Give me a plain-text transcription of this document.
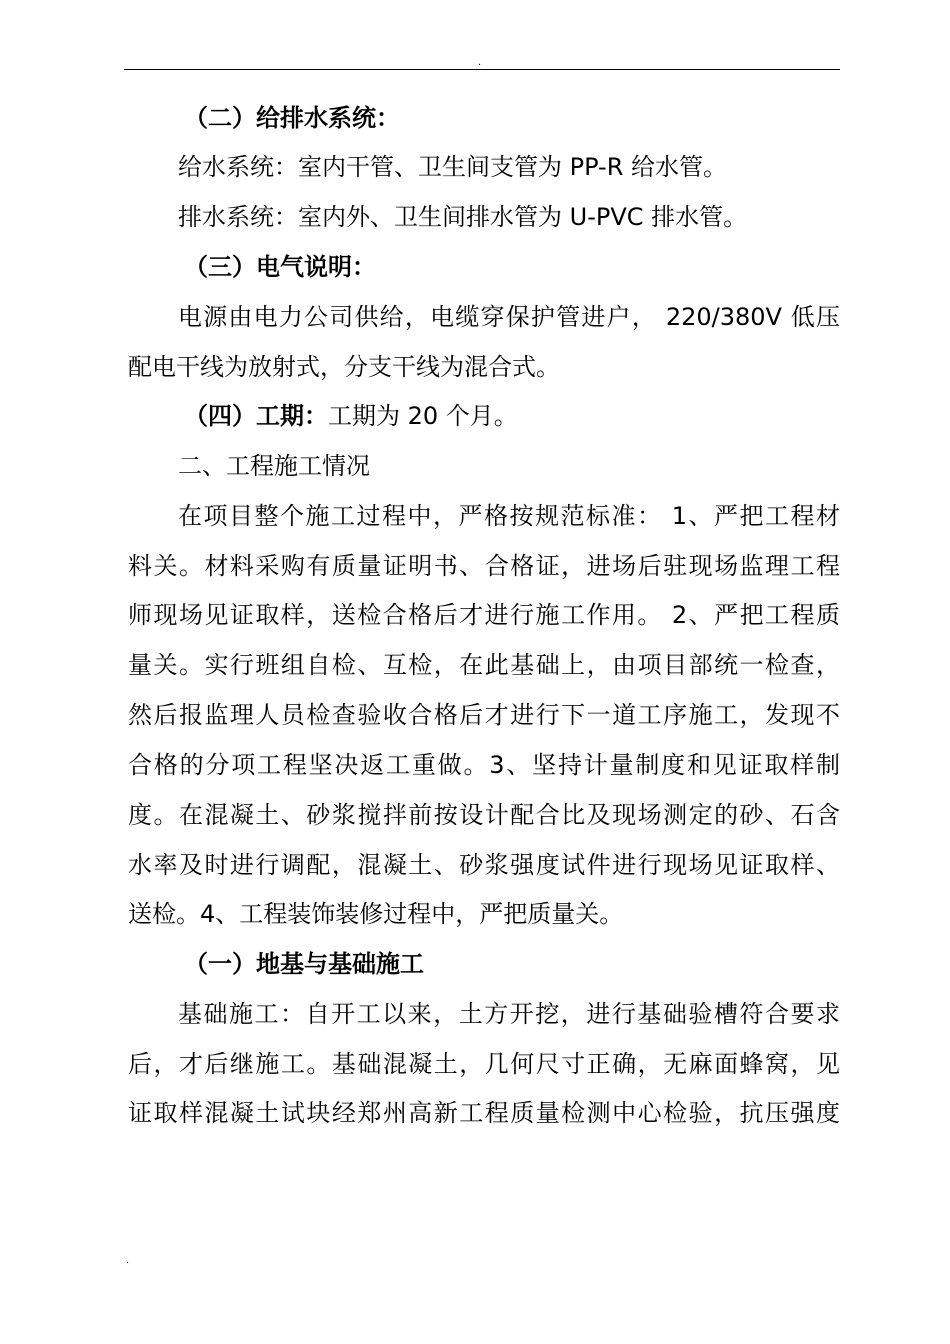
.
（二）给排水系统：
给水系统：室内干管、卫生间支管为 PP-R 给水管。
排水系统：室内外、卫生间排水管为 U-PVC 排水管。
（三）电气说明：
电源由电力公司供给，电缆穿保护管进户， 220/380V 低压
配电干线为放射式，分支干线为混合式。
（四）工期：工期为 20 个月。
二、工程施工情况
在项目整个施工过程中，严格按规范标准： 1、严把工程材
料关。材料采购有质量证明书、合格证，进场后驻现场监理工程
师现场见证取样，送检合格后才进行施工作用。 2、严把工程质
量关。实行班组自检、互检，在此基础上，由项目部统一检查，
然后报监理人员检查验收合格后才进行下一道工序施工，发现不
合格的分项工程坚决返工重做。3、坚持计量制度和见证取样制
度。在混凝土、砂浆搅拌前按设计配合比及现场测定的砂、石含
水率及时进行调配，混凝土、砂浆强度试件进行现场见证取样、
送检。4、工程装饰装修过程中，严把质量关。
（一）地基与基础施工
基础施工：自开工以来，土方开挖，进行基础验槽符合要求
后，才后继施工。基础混凝土，几何尺寸正确，无麻面蜂窝，见
证取样混凝土试块经郑州高新工程质量检测中心检验，抗压强度
.
